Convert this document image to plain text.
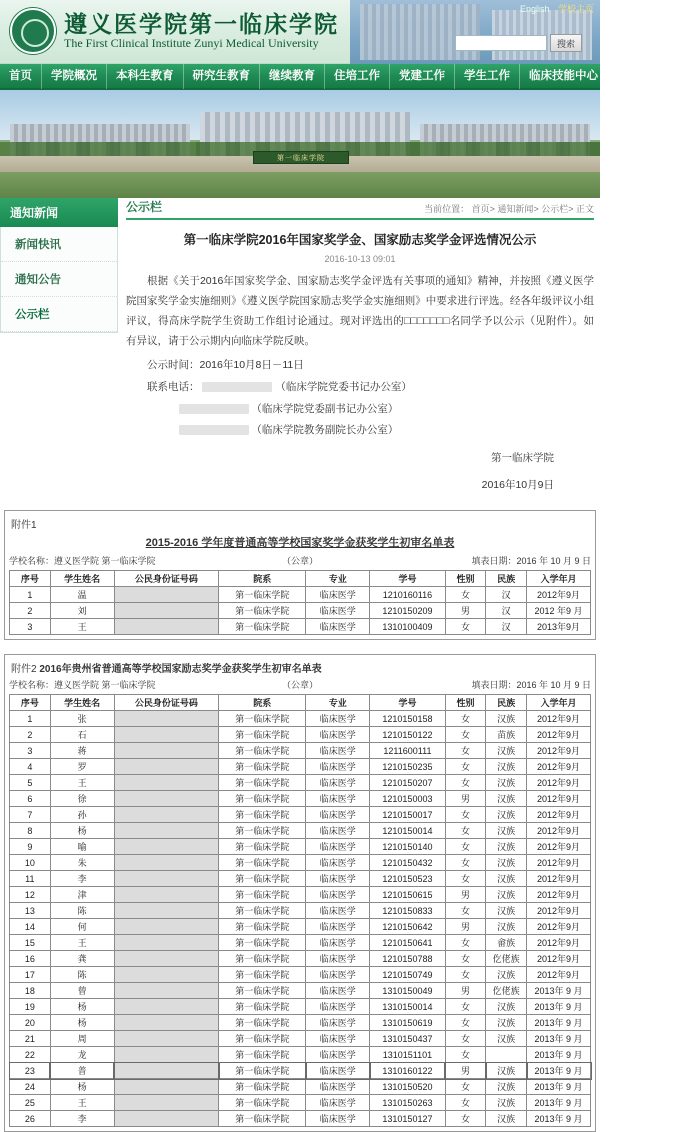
遵义医学院第一临床学院
The First Clinical Institute Zunyi Medical University
English 学校主页
搜索
首页	学院概况	本科生教育	研究生教育	继续教育	住培工作	党建工作	学生工作	临床技能中心	临床教研室
第一临床学院
通知新闻
新闻快讯
通知公告
公示栏
公示栏	当前位置： 首页> 通知新闻> 公示栏> 正文
第一临床学院2016年国家奖学金、国家励志奖学金评选情况公示
2016-10-13 09:01

根据《关于2016年国家奖学金、国家励志奖学金评选有关事项的通知》精神，并按照《遵义医学院国家奖学金实施细则》《遵义医学院国家励志奖学金实施细则》中要求进行评选。经各年级评议小组评议，得高床学院学生资助工作组讨论通过。现对评选出的□□□□□□□名同学予以公示（见附件）。如有异议，请于公示期内向临床学院反映。

公示时间：2016年10月8日－11日
联系电话：	（临床学院党委书记办公室）
（临床学院党委副书记办公室）
（临床学院教务副院长办公室）
第一临床学院
2016年10月9日
附件1
2015-2016 学年度普通高等学校国家奖学金获奖学生初审名单表
学校名称：遵义医学院 第一临床学院	（公章）	填表日期：2016 年 10 月 9 日
序号	学生姓名	公民身份证号码	院系	专业	学号	性别	民族	入学年月
1	温		第一临床学院	临床医学	1210160116	女	汉	2012年9月
2	刘		第一临床学院	临床医学	1210150209	男	汉	2012 年9 月
3	王		第一临床学院	临床医学	1310100409	女	汉	2013年9月
附件2 2016年贵州省普通高等学校国家励志奖学金获奖学生初审名单表
学校名称：遵义医学院 第一临床学院	（公章）	填表日期：2016 年 10 月 9 日
序号	学生姓名	公民身份证号码	院系	专业	学号	性别	民族	入学年月
1	张		第一临床学院	临床医学	1210150158	女	汉族	2012年9月
2	石		第一临床学院	临床医学	1210150122	女	苗族	2012年9月
3	蒋		第一临床学院	临床医学	1211600111	女	汉族	2012年9月
4	罗		第一临床学院	临床医学	1210150235	女	汉族	2012年9月
5	王		第一临床学院	临床医学	1210150207	女	汉族	2012年9月
6	徐		第一临床学院	临床医学	1210150003	男	汉族	2012年9月
7	孙		第一临床学院	临床医学	1210150017	女	汉族	2012年9月
8	杨		第一临床学院	临床医学	1210150014	女	汉族	2012年9月
9	喻		第一临床学院	临床医学	1210150140	女	汉族	2012年9月
10	朱		第一临床学院	临床医学	1210150432	女	汉族	2012年9月
11	李		第一临床学院	临床医学	1210150523	女	汉族	2012年9月
12	津		第一临床学院	临床医学	1210150615	男	汉族	2012年9月
13	陈		第一临床学院	临床医学	1210150833	女	汉族	2012年9月
14	何		第一临床学院	临床医学	1210150642	男	汉族	2012年9月
15	王		第一临床学院	临床医学	1210150641	女	畲族	2012年9月
16	龚		第一临床学院	临床医学	1210150788	女	仡佬族	2012年9月
17	陈		第一临床学院	临床医学	1210150749	女	汉族	2012年9月
18	曾		第一临床学院	临床医学	1310150049	男	仡佬族	2013年 9 月
19	杨		第一临床学院	临床医学	1310150014	女	汉族	2013年 9 月
20	杨		第一临床学院	临床医学	1310150619	女	汉族	2013年 9 月
21	周		第一临床学院	临床医学	1310150437	女	汉族	2013年 9 月
22	龙		第一临床学院	临床医学	1310151101	女		2013年 9 月
23	普		第一临床学院	临床医学	1310160122	男	汉族	2013年 9 月
24	杨		第一临床学院	临床医学	1310150520	女	汉族	2013年 9 月
25	王		第一临床学院	临床医学	1310150263	女	汉族	2013年 9 月
26	李		第一临床学院	临床医学	1310150127	女	汉族	2013年 9 月
